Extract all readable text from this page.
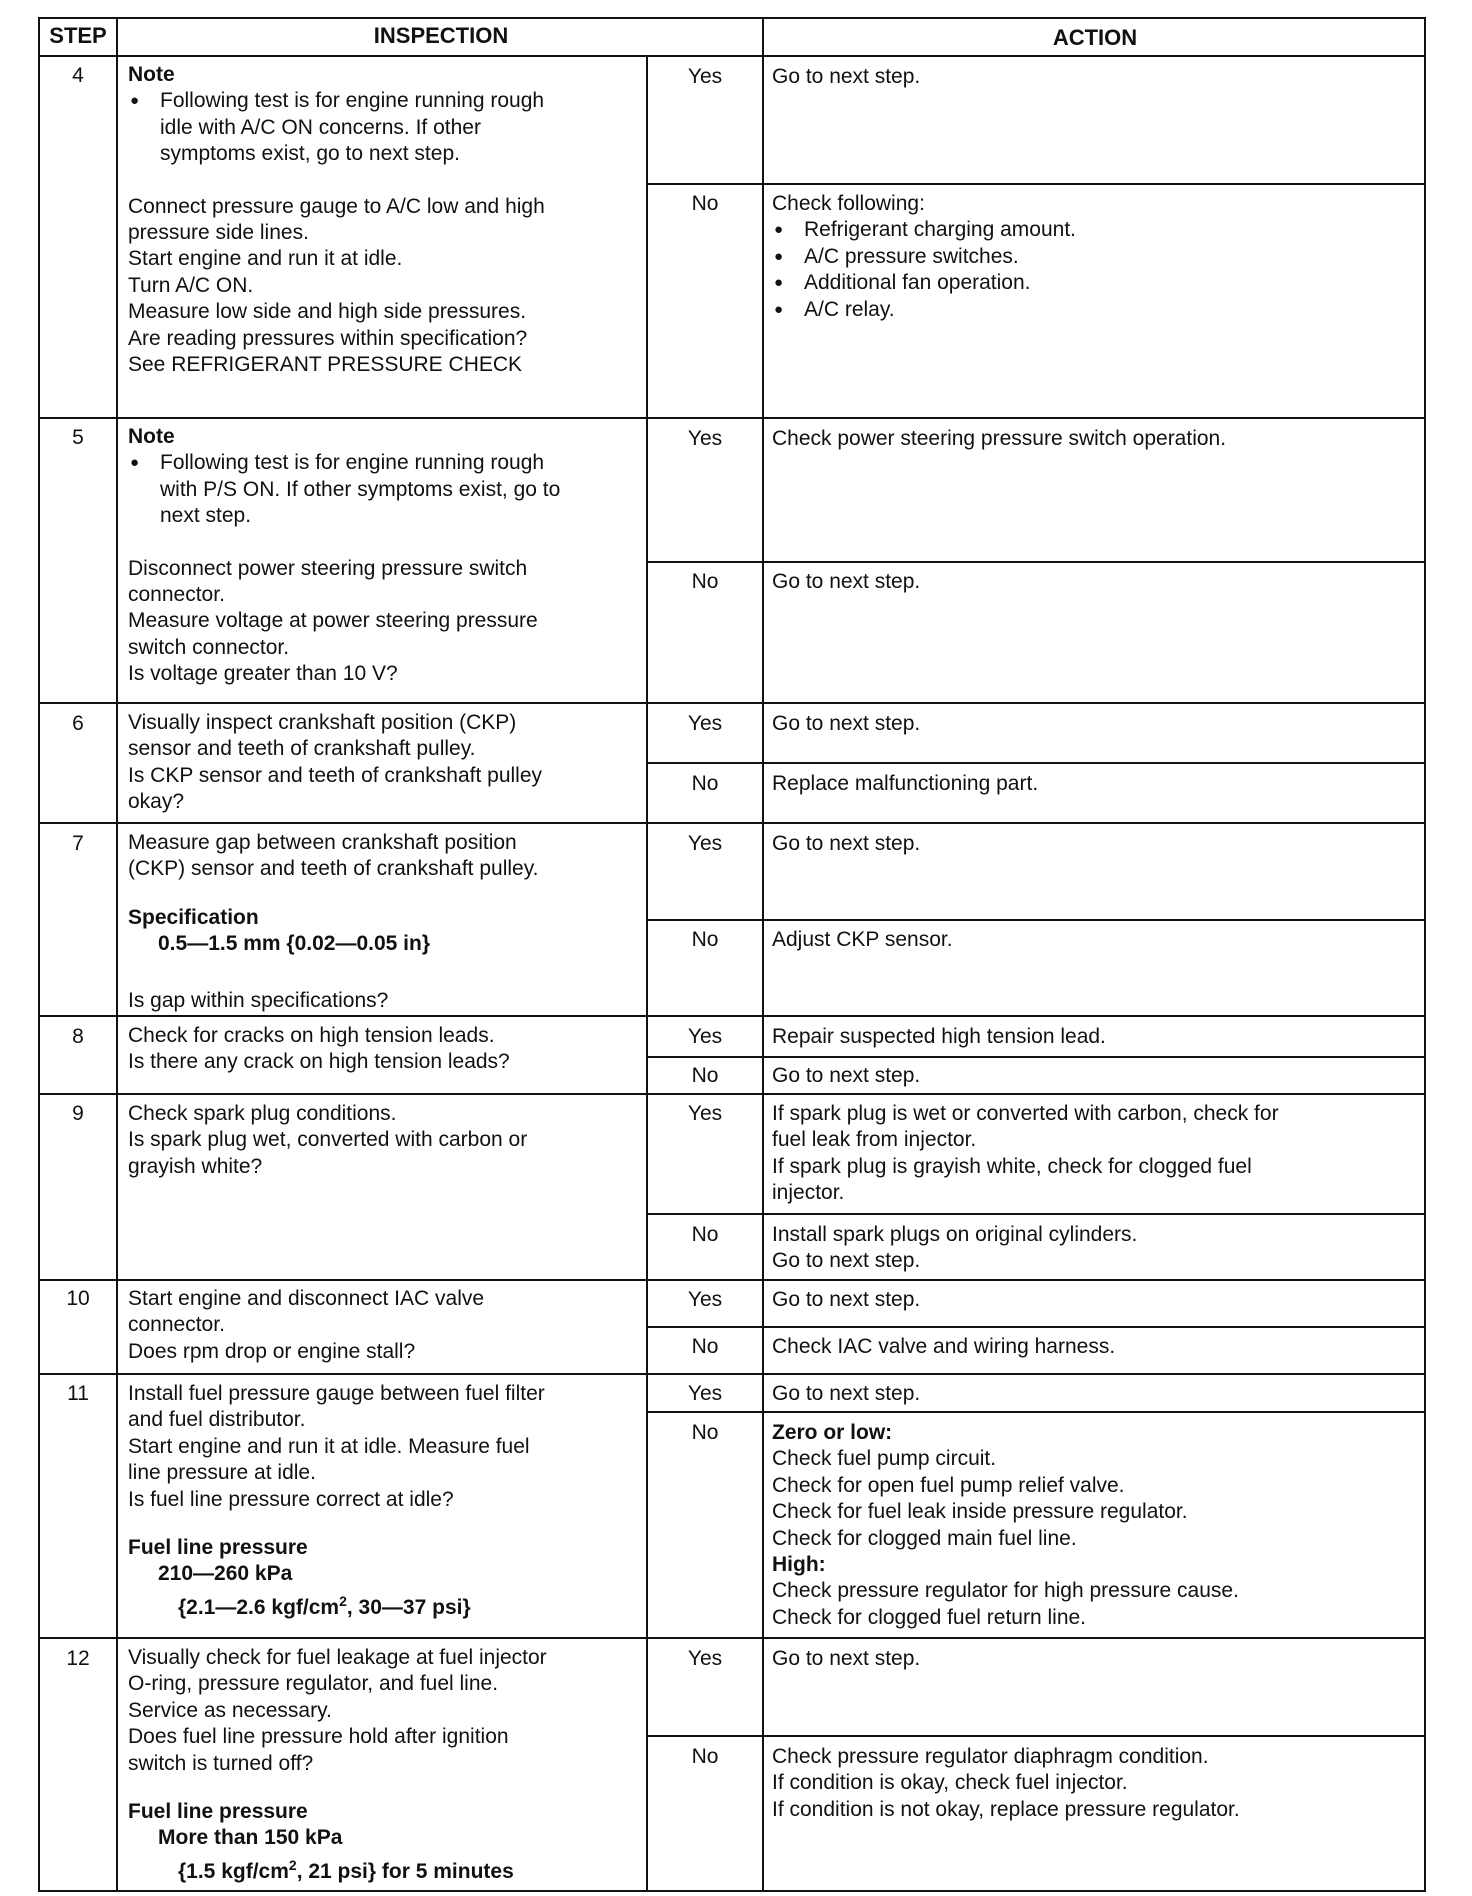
STEP	INSPECTION	ACTION
4	Note
● Following test is for engine running rough
idle with A/C ON concerns. If other
symptoms exist, go to next step.
Connect pressure gauge to A/C low and high
pressure side lines.
Start engine and run it at idle.
Turn A/C ON.
Measure low side and high side pressures.
Are reading pressures within specification?
See REFRIGERANT PRESSURE CHECK
Yes	Go to next step.
No	Check following:
● Refrigerant charging amount.
● A/C pressure switches.
● Additional fan operation.
● A/C relay.
5	Note
● Following test is for engine running rough
with P/S ON. If other symptoms exist, go to
next step.
Disconnect power steering pressure switch
connector.
Measure voltage at power steering pressure
switch connector.
Is voltage greater than 10 V?
Yes	Check power steering pressure switch operation.
No	Go to next step.
6	Visually inspect crankshaft position (CKP)
sensor and teeth of crankshaft pulley.
Is CKP sensor and teeth of crankshaft pulley
okay?
Yes	Go to next step.
No	Replace malfunctioning part.
7	Measure gap between crankshaft position
(CKP) sensor and teeth of crankshaft pulley.
Specification
0.5—1.5 mm {0.02—0.05 in}
Is gap within specifications?
Yes	Go to next step.
No	Adjust CKP sensor.
8	Check for cracks on high tension leads.
Is there any crack on high tension leads?
Yes	Repair suspected high tension lead.
No	Go to next step.
9	Check spark plug conditions.
Is spark plug wet, converted with carbon or
grayish white?
Yes	If spark plug is wet or converted with carbon, check for
fuel leak from injector.
If spark plug is grayish white, check for clogged fuel
injector.
No	Install spark plugs on original cylinders.
Go to next step.
10	Start engine and disconnect IAC valve
connector.
Does rpm drop or engine stall?
Yes	Go to next step.
No	Check IAC valve and wiring harness.
11	Install fuel pressure gauge between fuel filter
and fuel distributor.
Start engine and run it at idle. Measure fuel
line pressure at idle.
Is fuel line pressure correct at idle?
Fuel line pressure
210—260 kPa
{2.1—2.6 kgf/$cm^2$, 30—37 psi}
Yes	Go to next step.
No	Zero or low:
Check fuel pump circuit.
Check for open fuel pump relief valve.
Check for fuel leak inside pressure regulator.
Check for clogged main fuel line.
High:
Check pressure regulator for high pressure cause.
Check for clogged fuel return line.
12	Visually check for fuel leakage at fuel injector
O-ring, pressure regulator, and fuel line.
Service as necessary.
Does fuel line pressure hold after ignition
switch is turned off?
Fuel line pressure
More than 150 kPa
{1.5 kgf/$cm^2$, 21 psi} for 5 minutes
Yes	Go to next step.
No	Check pressure regulator diaphragm condition.
If condition is okay, check fuel injector.
If condition is not okay, replace pressure regulator.
